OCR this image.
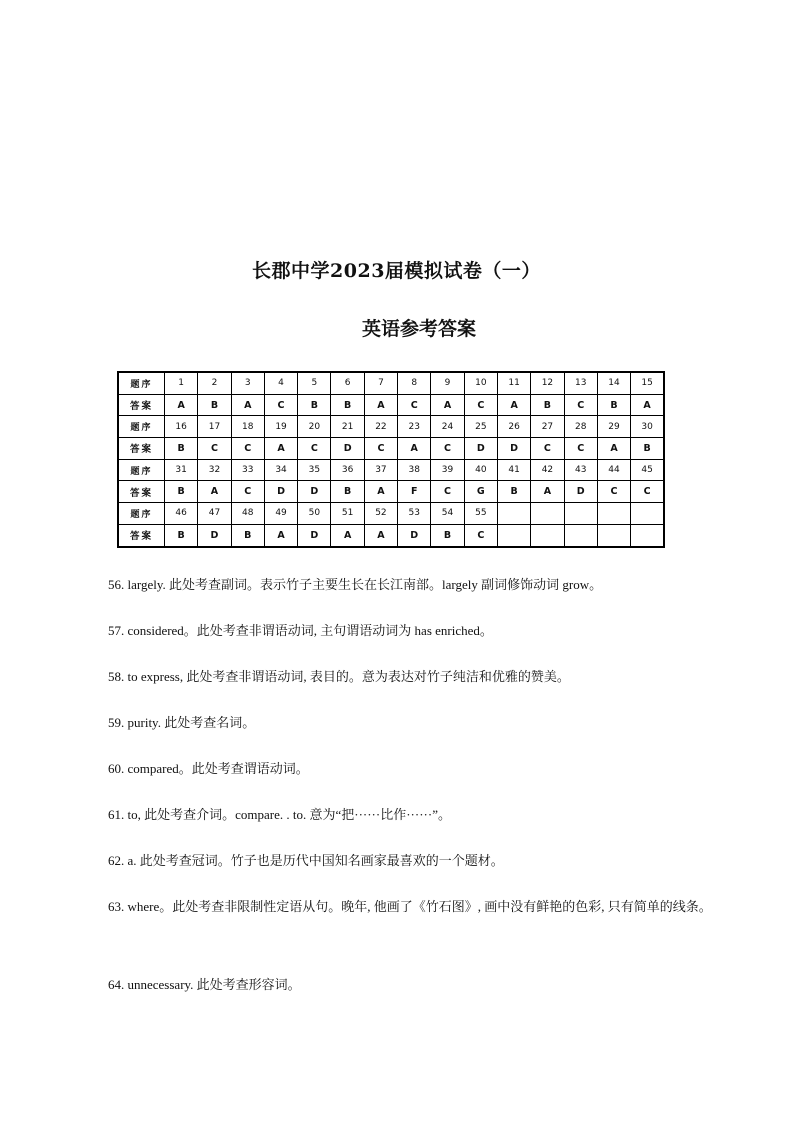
长郡中学2023届模拟试卷（一）
英语参考答案
题序	1	2	3	4	5	6	7	8	9	10	11	12	13	14	15
答案	A	B	A	C	B	B	A	C	A	C	A	B	C	B	A
题序	16	17	18	19	20	21	22	23	24	25	26	27	28	29	30
答案	B	C	C	A	C	D	C	A	C	D	D	C	C	A	B
题序	31	32	33	34	35	36	37	38	39	40	41	42	43	44	45
答案	B	A	C	D	D	B	A	F	C	G	B	A	D	C	C
题序	46	47	48	49	50	51	52	53	54	55					
答案	B	D	B	A	D	A	A	D	B	C					

56. largely. 此处考查副词。表示竹子主要生长在长江南部。largely 副词修饰动词 grow。

57. considered。此处考查非谓语动词, 主句谓语动词为 has enriched。

58. to express, 此处考查非谓语动词, 表目的。意为表达对竹子纯洁和优雅的赞美。

59. purity. 此处考查名词。

60. compared。此处考查谓语动词。

61. to, 此处考查介词。compare. . to. 意为“把······比作······”。

62. a. 此处考查冠词。竹子也是历代中国知名画家最喜欢的一个题材。

63. where。此处考查非限制性定语从句。晚年, 他画了《竹石图》, 画中没有鲜艳的色彩, 只有简单的线条。

64. unnecessary. 此处考查形容词。
